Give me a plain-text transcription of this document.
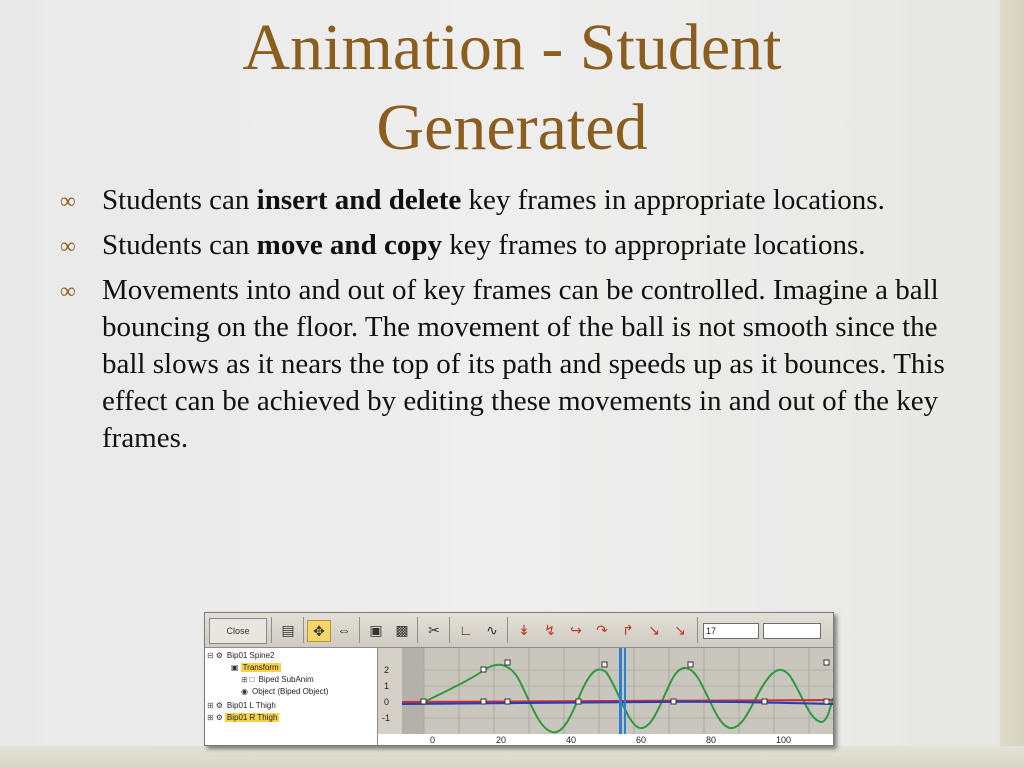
Animation - Student
Generated
∞	Students can insert and delete key frames in appropriate locations.
∞	Students can move and copy key frames to appropriate locations.
∞	Movements into and out of key frames can be controlled. Imagine a ball bouncing on the floor. The movement of the ball is not smooth since the ball slows as it nears the top of its path and speeds up as it bounces. This effect can be achieved by editing these movements in and out of the key frames.
Close	▤	✥ ⇔	▣ ▩	✂	∟ ∿	↡	↯	↪	↷	↱	↘	↘	17
⊟ ⚙ Bip01 Spine2
▣ Transform
⊞ □ Biped SubAnim
◉ Object (Biped Object)
⊞ ⚙ Bip01 L Thigh
⊞ ⚙ Bip01 R Thigh
2
1
0
-1
0	20	40	60	80	100
